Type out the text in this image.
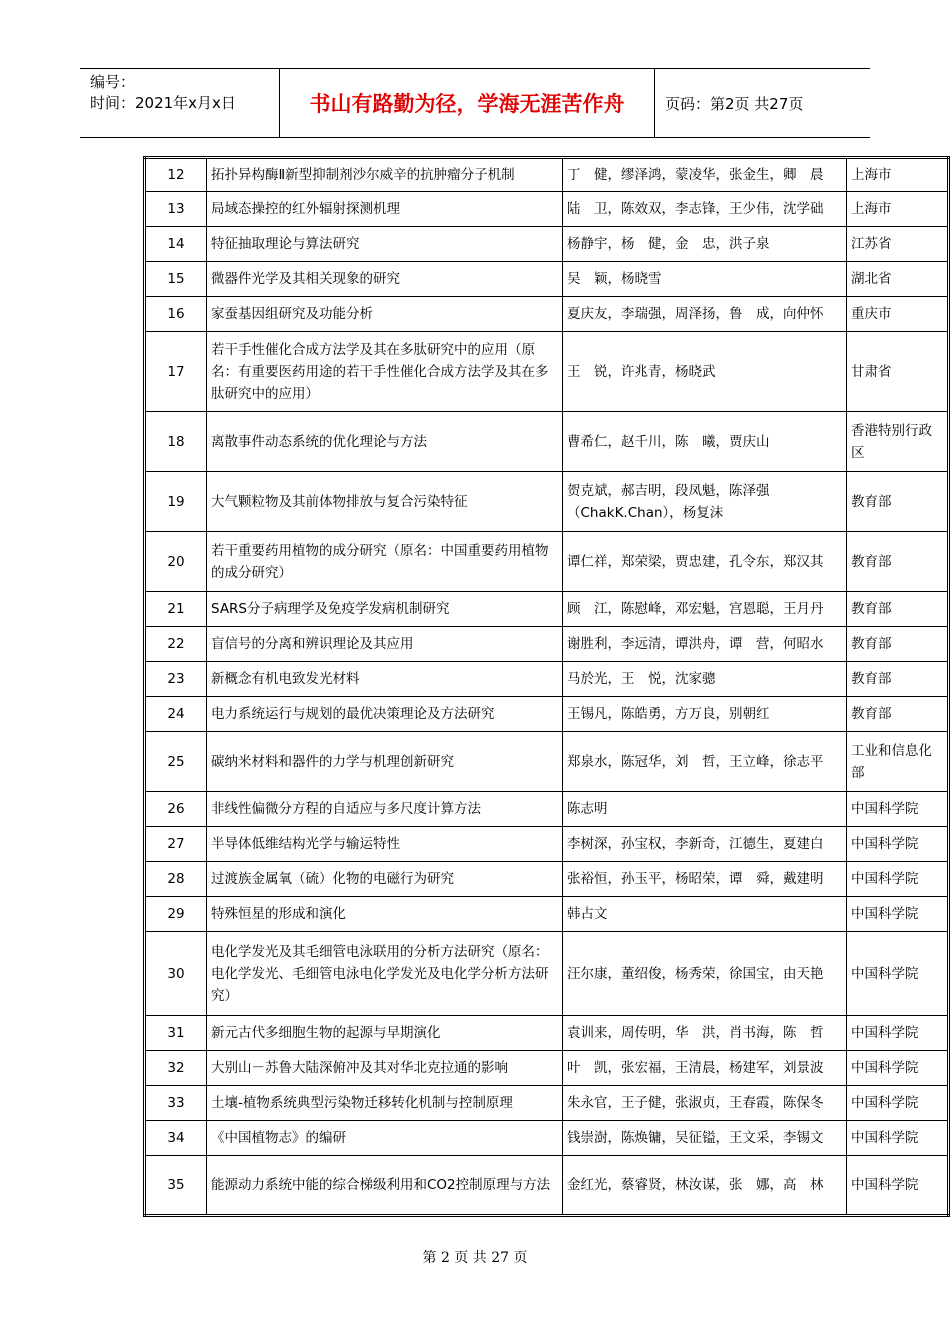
编号：
时间：2021年x月x日	书山有路勤为径，学海无涯苦作舟	页码：第2页 共27页
12	拓扑异构酶Ⅱ新型抑制剂沙尔威辛的抗肿瘤分子机制	丁　健，缪泽鸿，蒙凌华，张金生，卿　晨	上海市
13	局域态操控的红外辐射探测机理	陆　卫，陈效双，李志锋，王少伟，沈学础	上海市
14	特征抽取理论与算法研究	杨静宇，杨　健，金　忠，洪子泉	江苏省
15	微器件光学及其相关现象的研究	吴　颖，杨晓雪	湖北省
16	家蚕基因组研究及功能分析	夏庆友，李瑞强，周泽扬，鲁　成，向仲怀	重庆市
17	若干手性催化合成方法学及其在多肽研究中的应用（原名：有重要医药用途的若干手性催化合成方法学及其在多肽研究中的应用）	王　锐，许兆青，杨晓武	甘肃省
18	离散事件动态系统的优化理论与方法	曹希仁，赵千川，陈　曦，贾庆山	香港特别行政区
19	大气颗粒物及其前体物排放与复合污染特征	贺克斌，郝吉明，段凤魁，陈泽强（ChakK.Chan），杨复沫	教育部
20	若干重要药用植物的成分研究（原名：中国重要药用植物的成分研究）	谭仁祥，郑荣梁，贾忠建，孔令东，郑汉其	教育部
21	SARS分子病理学及免疫学发病机制研究	顾　江，陈慰峰，邓宏魁，宫恩聪，王月丹	教育部
22	盲信号的分离和辨识理论及其应用	谢胜利，李远清，谭洪舟，谭　营，何昭水	教育部
23	新概念有机电致发光材料	马於光，王　悦，沈家骢	教育部
24	电力系统运行与规划的最优决策理论及方法研究	王锡凡，陈皓勇，方万良，别朝红	教育部
25	碳纳米材料和器件的力学与机理创新研究	郑泉水，陈冠华，刘　哲，王立峰，徐志平	工业和信息化部
26	非线性偏微分方程的自适应与多尺度计算方法	陈志明	中国科学院
27	半导体低维结构光学与输运特性	李树深，孙宝权，李新奇，江德生，夏建白	中国科学院
28	过渡族金属氧（硫）化物的电磁行为研究	张裕恒，孙玉平，杨昭荣，谭　舜，戴建明	中国科学院
29	特殊恒星的形成和演化	韩占文	中国科学院
30	电化学发光及其毛细管电泳联用的分析方法研究（原名：电化学发光、毛细管电泳电化学发光及电化学分析方法研究）	汪尔康，董绍俊，杨秀荣，徐国宝，由天艳	中国科学院
31	新元古代多细胞生物的起源与早期演化	袁训来，周传明，华　洪，肖书海，陈　哲	中国科学院
32	大别山－苏鲁大陆深俯冲及其对华北克拉通的影响	叶　凯，张宏福，王清晨，杨建军，刘景波	中国科学院
33	土壤-植物系统典型污染物迁移转化机制与控制原理	朱永官，王子健，张淑贞，王春霞，陈保冬	中国科学院
34	《中国植物志》的编研	钱崇澍，陈焕镛，吴征镒，王文采，李锡文	中国科学院
35	能源动力系统中能的综合梯级利用和CO2控制原理与方法	金红光，蔡睿贤，林汝谋，张　娜，高　林	中国科学院
第 2 页 共 27 页
